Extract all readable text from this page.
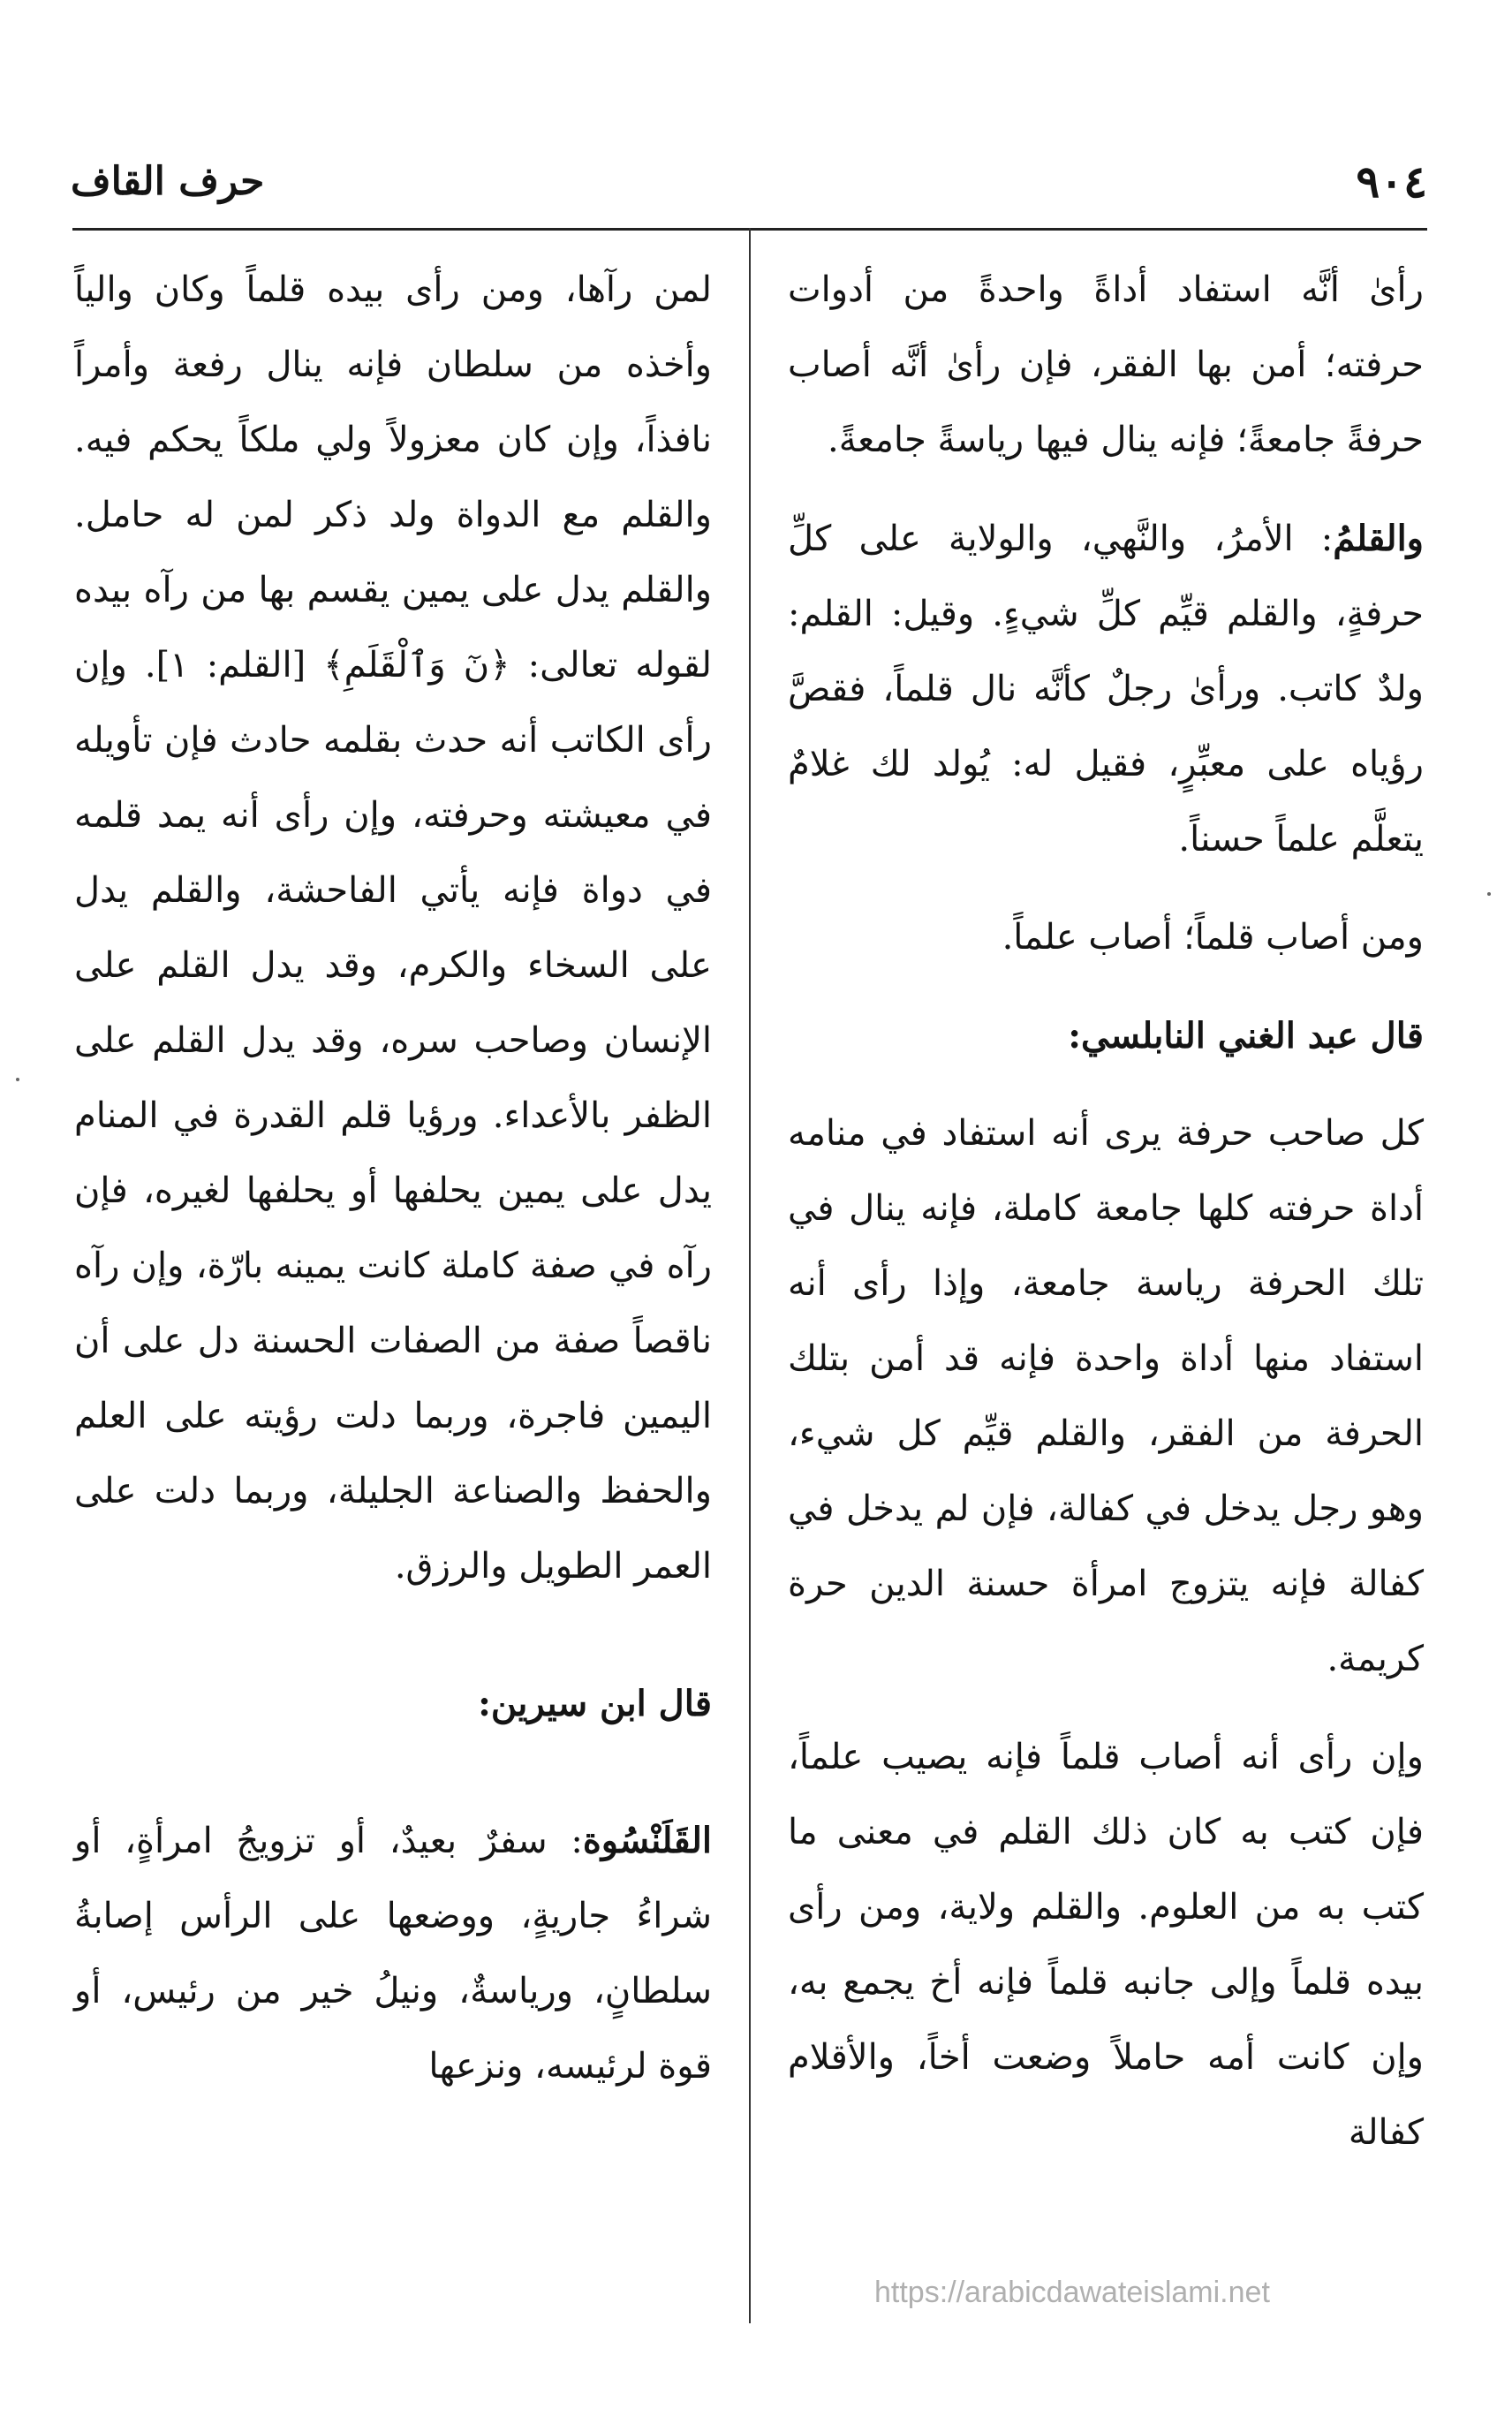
حرف القاف	٩٠٤

رأىٰ أنَّه استفاد أداةً واحدةً من أدوات حرفته؛ أمن بها الفقر، فإن رأىٰ أنَّه أصاب حرفةً جامعةً؛ فإنه ينال فيها رياسةً جامعةً.

والقلمُ: الأمرُ، والنَّهي، والولاية على كلِّ حرفةٍ، والقلم قيِّم كلِّ شيءٍ. وقيل: القلم: ولدٌ كاتب. ورأىٰ رجلٌ كأنَّه نال قلماً، فقصَّ رؤياه على معبِّرٍ، فقيل له: يُولد لك غلامٌ يتعلَّم علماً حسناً.

ومن أصاب قلماً؛ أصاب علماً.

قال عبد الغني النابلسي:

كل صاحب حرفة يرى أنه استفاد في منامه أداة حرفته كلها جامعة كاملة، فإنه ينال في تلك الحرفة رياسة جامعة، وإذا رأى أنه استفاد منها أداة واحدة فإنه قد أمن بتلك الحرفة من الفقر، والقلم قيِّم كل شيء، وهو رجل يدخل في كفالة، فإن لم يدخل في كفالة فإنه يتزوج امرأة حسنة الدين حرة كريمة.

وإن رأى أنه أصاب قلماً فإنه يصيب علماً، فإن كتب به كان ذلك القلم في معنى ما كتب به من العلوم. والقلم ولاية، ومن رأى بيده قلماً وإلى جانبه قلماً فإنه أخ يجمع به، وإن كانت أمه حاملاً وضعت أخاً، والأقلام كفالة

لمن رآها، ومن رأى بيده قلماً وكان والياً وأخذه من سلطان فإنه ينال رفعة وأمراً نافذاً، وإن كان معزولاً ولي ملكاً يحكم فيه. والقلم مع الدواة ولد ذكر لمن له حامل. والقلم يدل على يمين يقسم بها من رآه بيده لقوله تعالى: ﴿نٓ وَٱلْقَلَمِ﴾ [القلم: ١]. وإن رأى الكاتب أنه حدث بقلمه حادث فإن تأويله في معيشته وحرفته، وإن رأى أنه يمد قلمه في دواة فإنه يأتي الفاحشة، والقلم يدل على السخاء والكرم، وقد يدل القلم على الإنسان وصاحب سره، وقد يدل القلم على الظفر بالأعداء. ورؤيا قلم القدرة في المنام يدل على يمين يحلفها أو يحلفها لغيره، فإن رآه في صفة كاملة كانت يمينه بارّة، وإن رآه ناقصاً صفة من الصفات الحسنة دل على أن اليمين فاجرة، وربما دلت رؤيته على العلم والحفظ والصناعة الجليلة، وربما دلت على العمر الطويل والرزق.

قال ابن سيرين:

القَلَنْسُوة: سفرٌ بعيدٌ، أو تزويجُ امرأةٍ، أو شراءُ جاريةٍ، ووضعها على الرأس إصابةُ سلطانٍ، ورياسةٌ، ونيلُ خير من رئيس، أو قوة لرئيسه، ونزعها

https://arabicdawateislami.net
